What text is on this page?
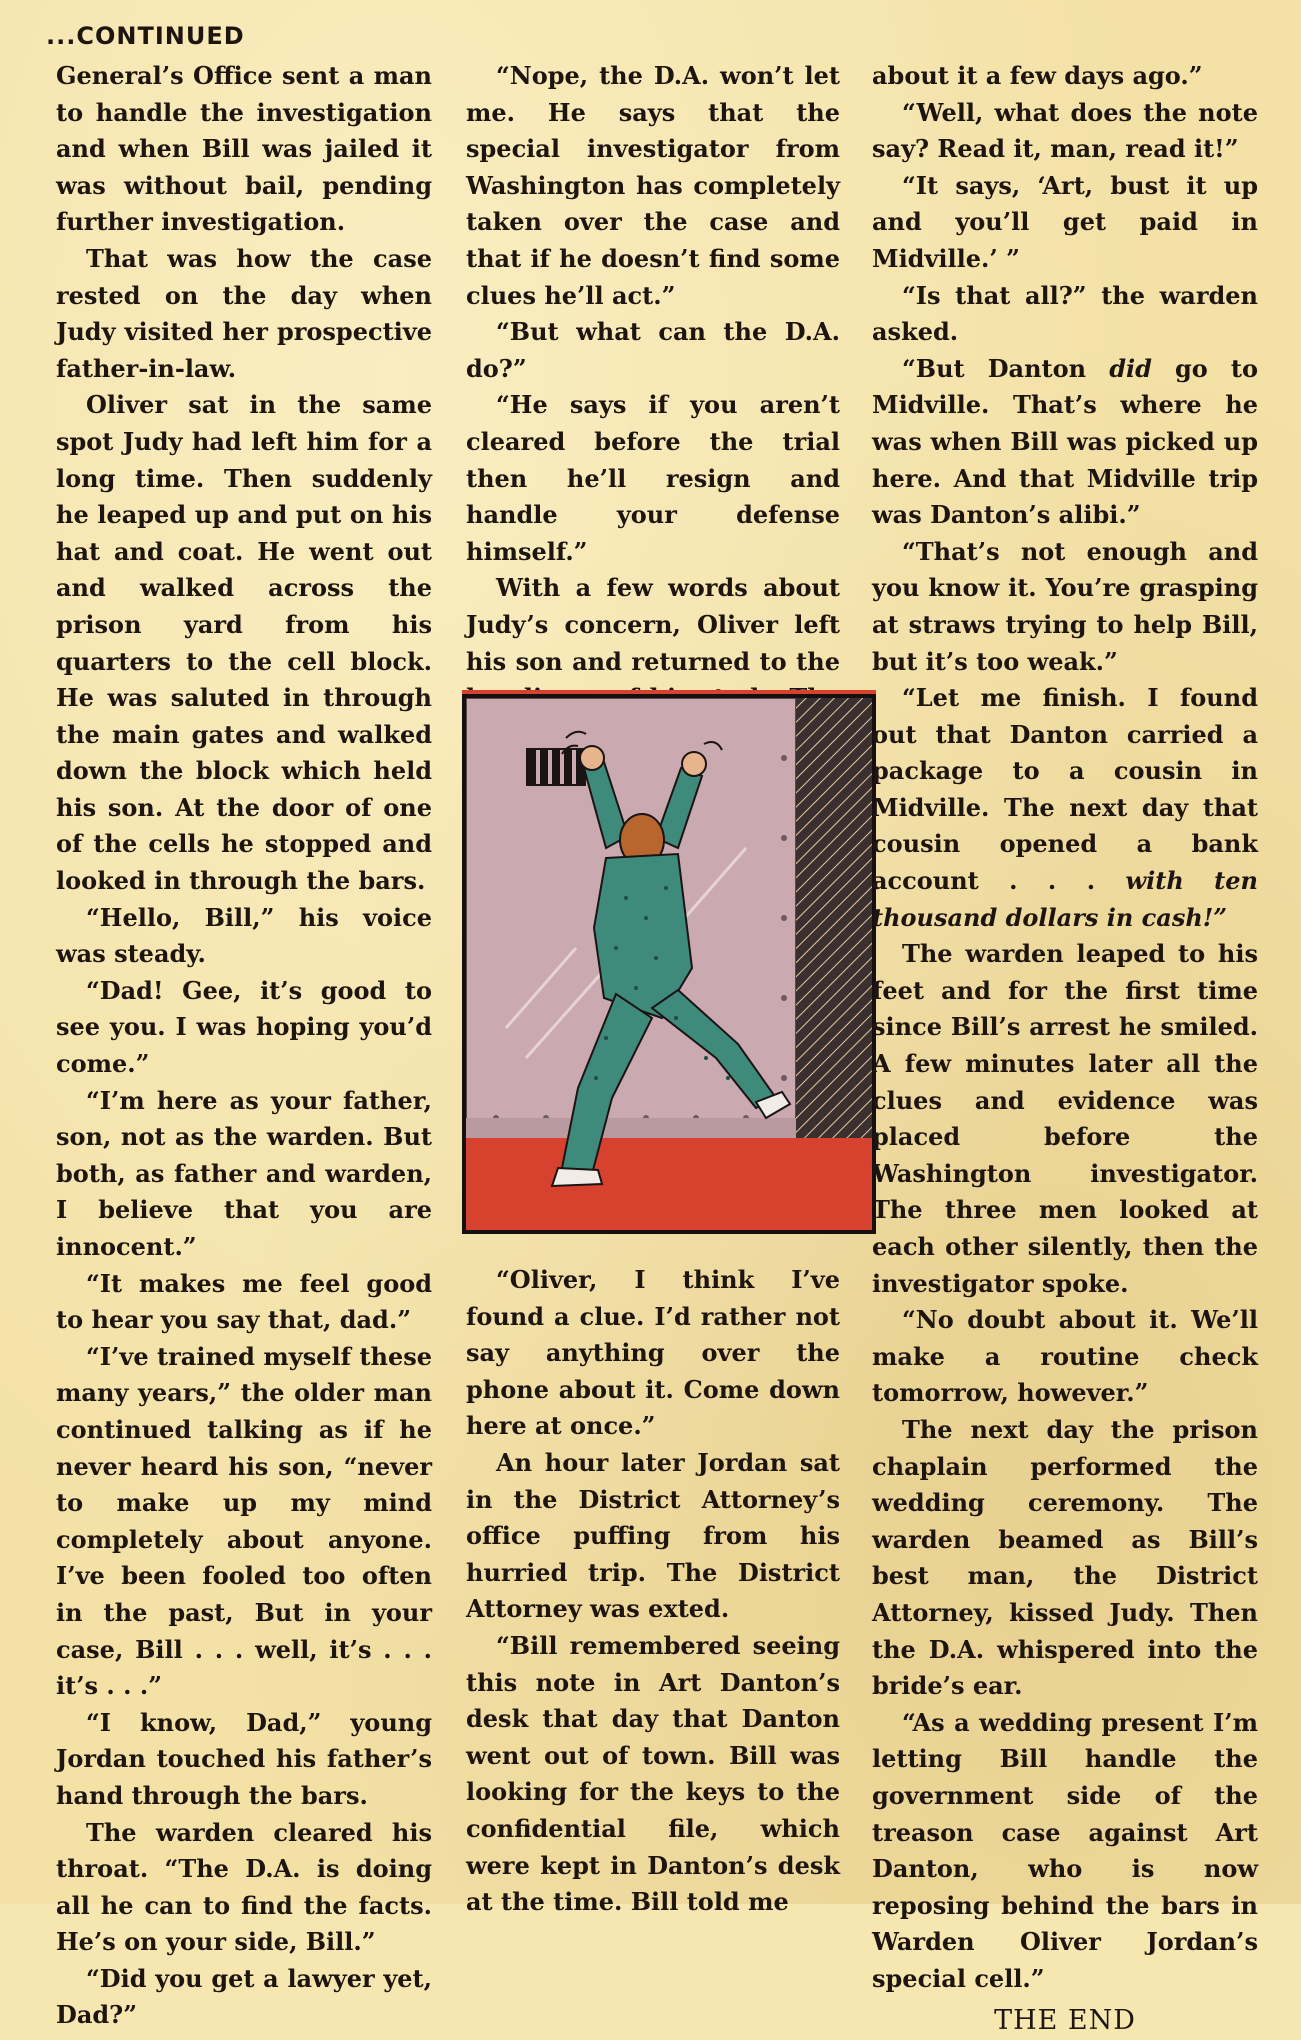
...CONTINUED

General’s Office sent a man to handle the investigation and when Bill was jailed it was without bail, pending further investigation.

That was how the case rested on the day when Judy visited her prospective father-in-law.

Oliver sat in the same spot Judy had left him for a long time. Then suddenly he leaped up and put on his hat and coat. He went out and walked across the prison yard from his quarters to the cell block. He was saluted in through the main gates and walked down the block which held his son. At the door of one of the cells he stopped and looked in through the bars.

“Hello, Bill,” his voice was steady.

“Dad! Gee, it’s good to see you. I was hoping you’d come.”

“I’m here as your father, son, not as the warden. But both, as father and warden, I believe that you are innocent.”

“It makes me feel good to hear you say that, dad.”

“I’ve trained myself these many years,” the older man continued talking as if he never heard his son, “never to make up my mind completely about anyone. I’ve been fooled too often in the past, But in your case, Bill . . . well, it’s . . . it’s . . .”

“I know, Dad,” young Jordan touched his father’s hand through the bars.

The warden cleared his throat. “The D.A. is doing all he can to find the facts. He’s on your side, Bill.”

“Did you get a lawyer yet, Dad?”

“Nope, the D.A. won’t let me. He says that the special investigator from Washington has completely taken over the case and that if he doesn’t find some clues he’ll act.”

“But what can the D.A. do?”

“He says if you aren’t cleared before the trial then he’ll resign and handle your defense himself.”

With a few words about Judy’s concern, Oliver left his son and returned to the

“Oliver, I think I’ve found a clue. I’d rather not say anything over the phone about it. Come down here at once.”

An hour later Jordan sat in the District Attorney’s office puffing from his hurried trip. The District Attorney was exted.

“Bill remembered seeing this note in Art Danton’s desk that day that Danton went out of town. Bill was looking for the keys to the confidential file, which were kept in Danton’s desk at the time. Bill told me

about it a few days ago.”

“Well, what does the note say? Read it, man, read it!”

“It says, ‘Art, bust it up and you’ll get paid in Midville.’ ”

“Is that all?” the warden asked.

“But Danton did go to Midville. That’s where he was when Bill was picked up here. And that Midville trip was Danton’s alibi.”

“That’s not enough and you know it. You’re grasping at straws trying to help Bill, but it’s too weak.”

“Let me finish. I found out that Danton carried a package to a cousin in Midville. The next day that cousin opened a bank account . . . with ten thousand dollars in cash!”

The warden leaped to his feet and for the first time since Bill’s arrest he smiled. A few minutes later all the clues and evidence was placed before the Washington investigator. The three men looked at each other silently, then the investigator spoke.

“No doubt about it. We’ll make a routine check tomorrow, however.”

The next day the prison chaplain performed the wedding ceremony. The warden beamed as Bill’s best man, the District Attorney, kissed Judy. Then the D.A. whispered into the bride’s ear.

“As a wedding present I’m letting Bill handle the government side of the treason case against Art Danton, who is now reposing behind the bars in Warden Oliver Jordan’s special cell.”

THE END
